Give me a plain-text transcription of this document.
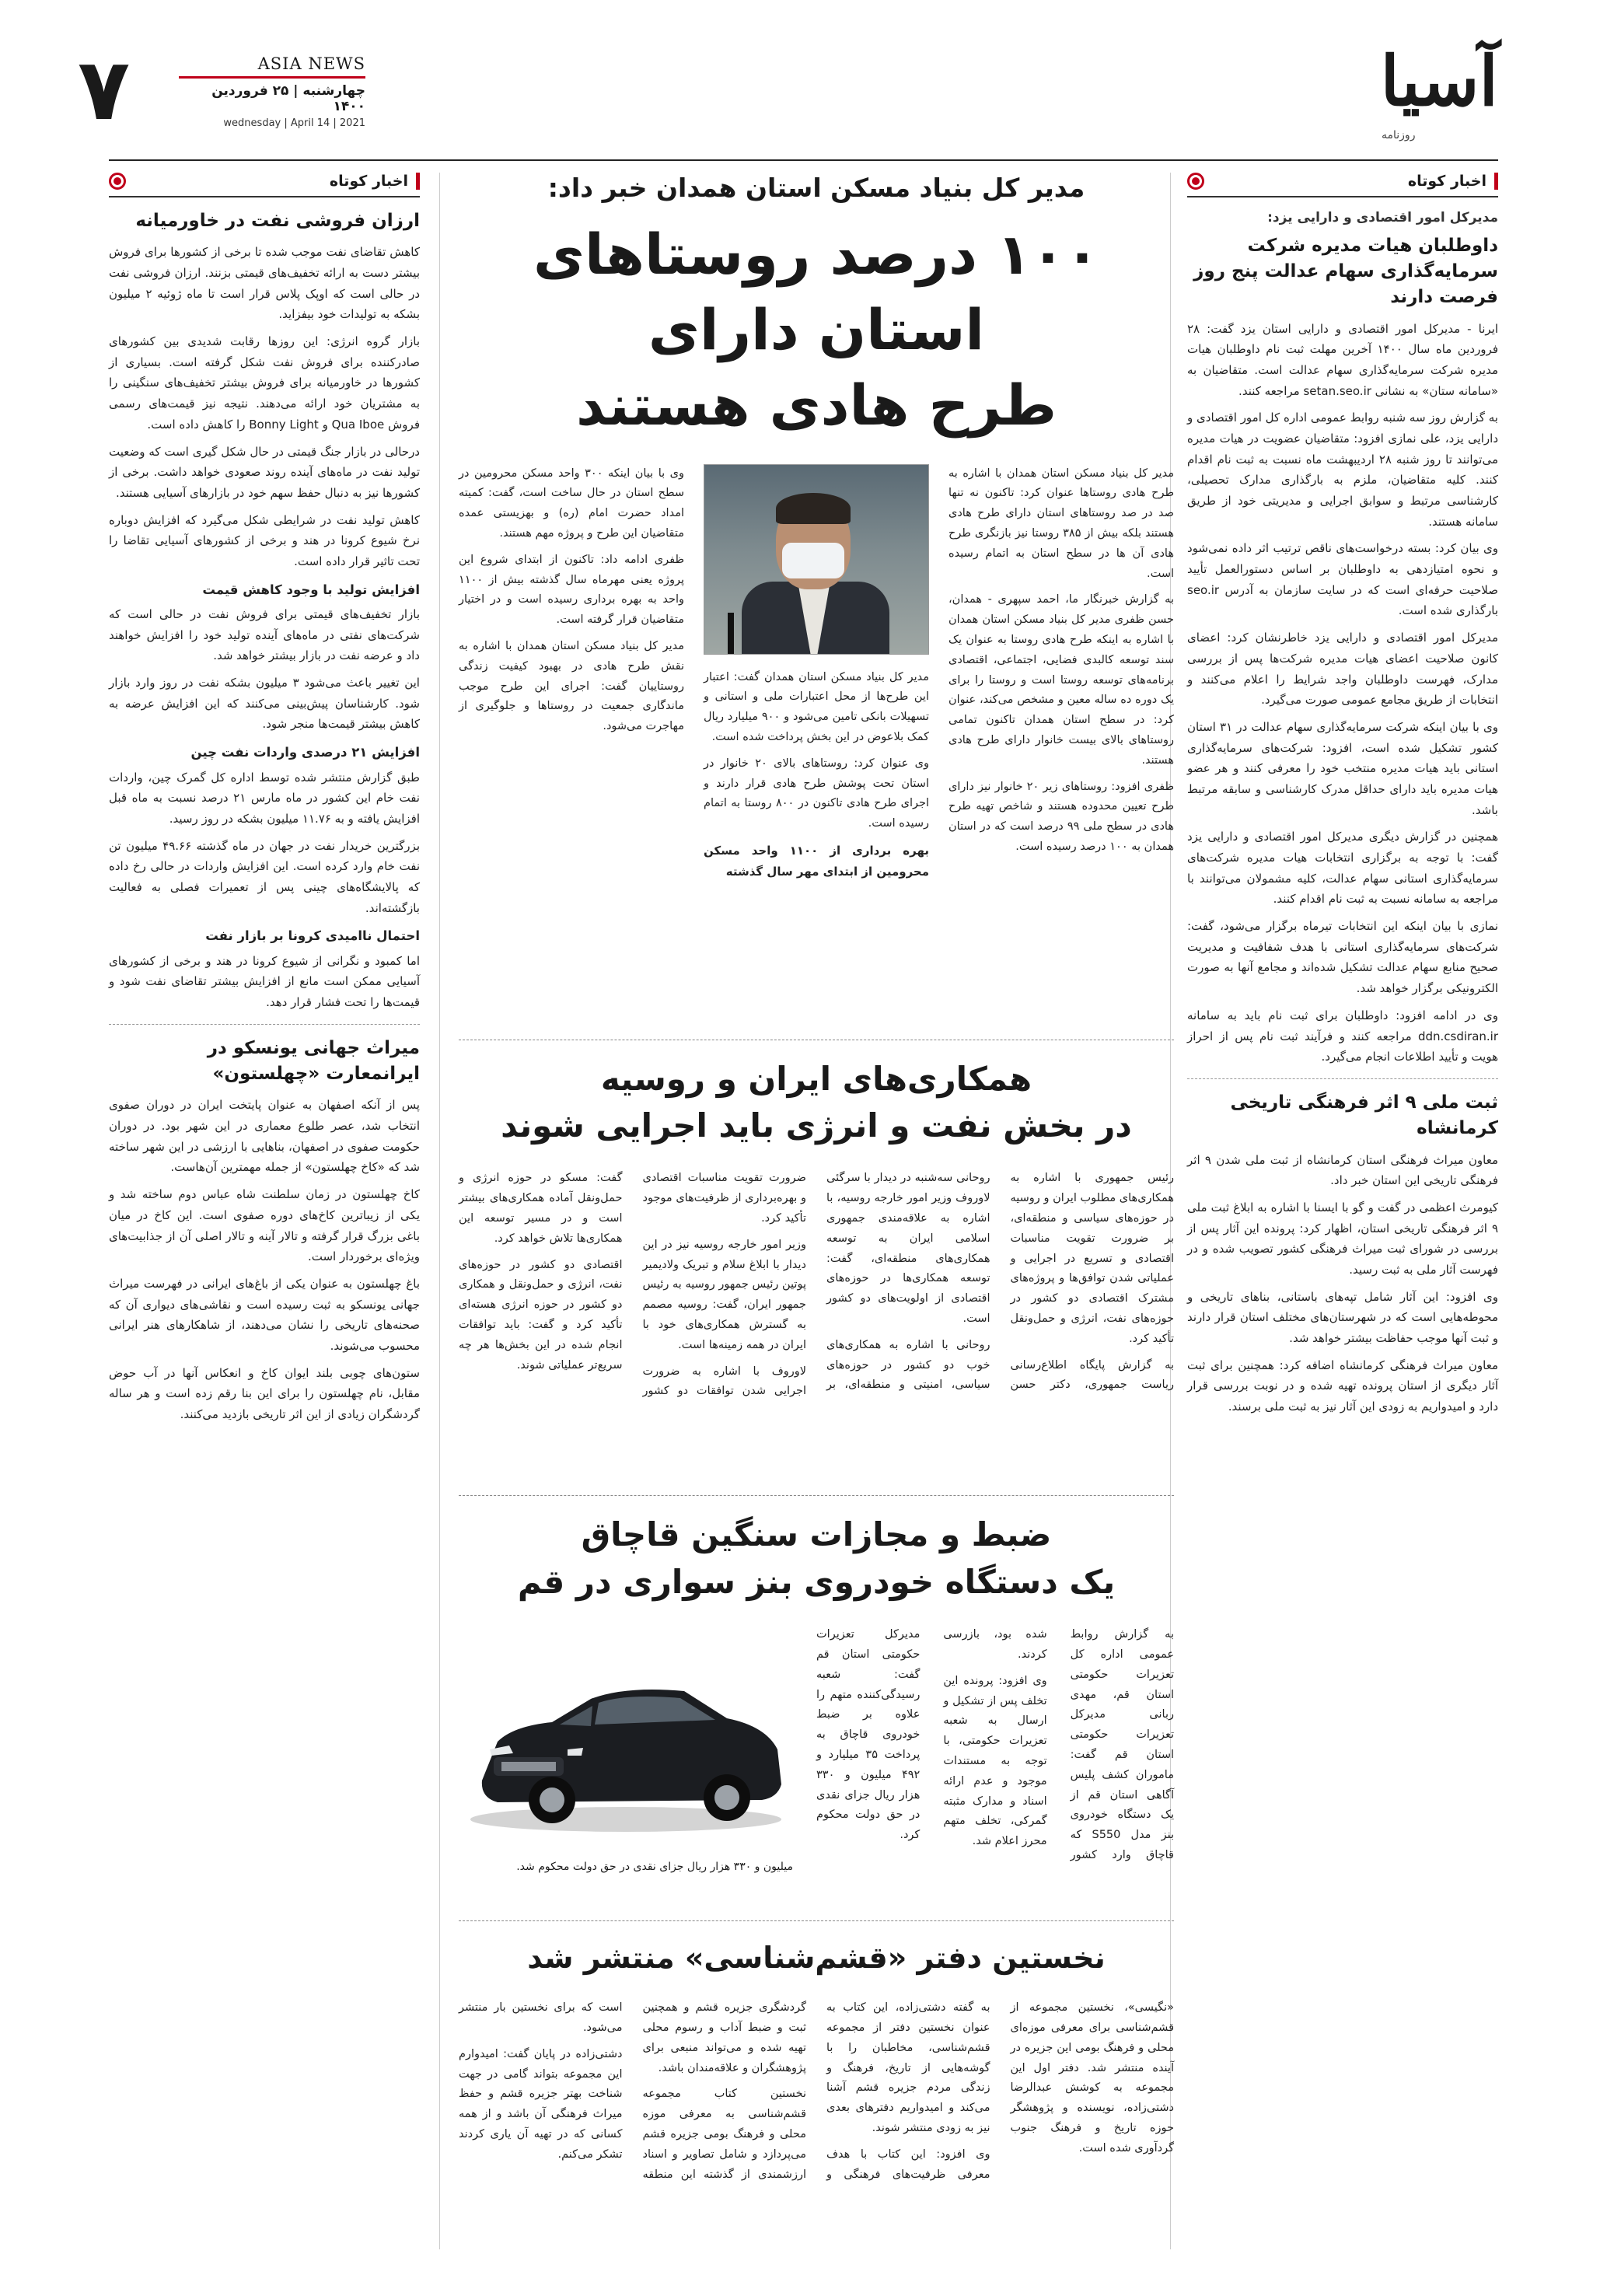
آسیا
روزنامه
۷	ASIA NEWS
چهارشنبه | ۲۵ فروردین ۱۴۰۰
wednesday | April 14 | 2021
اخبار کوتاه
مدیرکل امور اقتصادی و دارایی یزد:
داوطلبان هیات مدیره شرکت سرمایه‌گذاری سهام عدالت پنج روز فرصت دارند

ایرنا - مدیرکل امور اقتصادی و دارایی استان یزد گفت: ۲۸ فروردین ماه سال ۱۴۰۰ آخرین مهلت ثبت نام داوطلبان هیات مدیره شرکت سرمایه‌گذاری سهام عدالت است. متقاضیان به «سامانه ستان» به نشانی setan.seo.ir مراجعه کنند.

به گزارش روز سه شنبه روابط عمومی اداره کل امور اقتصادی و دارایی یزد، علی نمازی افزود: متقاضیان عضویت در هیات مدیره می‌توانند تا روز شنبه ۲۸ اردیبهشت ماه نسبت به ثبت نام اقدام کنند. کلیه متقاضیان، ملزم به بارگذاری مدارک تحصیلی، کارشناسی مرتبط و سوابق اجرایی و مدیریتی خود از طریق سامانه هستند.

وی بیان کرد: بسته درخواست‌های ناقص ترتیب اثر داده نمی‌شود و نحوه امتیازدهی به داوطلبان بر اساس دستورالعمل تأیید صلاحیت حرفه‌ای است که در سایت سازمان به آدرس seo.ir بارگذاری شده است.

مدیرکل امور اقتصادی و دارایی یزد خاطرنشان کرد: اعضای کانون صلاحیت اعضای هیات مدیره شرکت‌ها پس از بررسی مدارک، فهرست داوطلبان واجد شرایط را اعلام می‌کنند و انتخابات از طریق مجامع عمومی صورت می‌گیرد.

وی با بیان اینکه شرکت سرمایه‌گذاری سهام عدالت در ۳۱ استان کشور تشکیل شده است، افزود: شرکت‌های سرمایه‌گذاری استانی باید هیات مدیره منتخب خود را معرفی کنند و هر عضو هیات مدیره باید دارای حداقل مدرک کارشناسی و سابقه مرتبط باشد.

همچنین در گزارش دیگری مدیرکل امور اقتصادی و دارایی یزد گفت: با توجه به برگزاری انتخابات هیات مدیره شرکت‌های سرمایه‌گذاری استانی سهام عدالت، کلیه مشمولان می‌توانند با مراجعه به سامانه نسبت به ثبت نام اقدام کنند.

نمازی با بیان اینکه این انتخابات تیرماه برگزار می‌شود، گفت: شرکت‌های سرمایه‌گذاری استانی با هدف شفافیت و مدیریت صحیح منابع سهام عدالت تشکیل شده‌اند و مجامع آنها به صورت الکترونیکی برگزار خواهد شد.

وی در ادامه افزود: داوطلبان برای ثبت نام باید به سامانه ddn.csdiran.ir مراجعه کنند و فرآیند ثبت نام پس از احراز هویت و تأیید اطلاعات انجام می‌گیرد.

ثبت ملی ۹ اثر فرهنگی تاریخی کرمانشاه

معاون میراث فرهنگی استان کرمانشاه از ثبت ملی شدن ۹ اثر فرهنگی تاریخی این استان خبر داد.

کیومرث اعظمی در گفت و گو با ایسنا با اشاره به ابلاغ ثبت ملی ۹ اثر فرهنگی تاریخی استان، اظهار کرد: پرونده این آثار پس از بررسی در شورای ثبت میراث فرهنگی کشور تصویب شده و در فهرست آثار ملی به ثبت رسید.

وی افزود: این آثار شامل تپه‌های باستانی، بناهای تاریخی و محوطه‌هایی است که در شهرستان‌های مختلف استان قرار دارند و ثبت آنها موجب حفاظت بیشتر خواهد شد.

معاون میراث فرهنگی کرمانشاه اضافه کرد: همچنین برای ثبت آثار دیگری از استان پرونده تهیه شده و در نوبت بررسی قرار دارد و امیدواریم به زودی این آثار نیز به ثبت ملی برسند.

مدیر کل بنیاد مسکن استان همدان خبر داد:
۱۰۰ درصد روستاهای استان دارای
طرح هادی هستند

مدیر کل بنیاد مسکن استان همدان با اشاره به طرح هادی روستاها عنوان کرد: تاکنون نه تنها صد در صد روستاهای استان دارای طرح هادی هستند بلکه بیش از ۳۸۵ روستا نیز بازنگری طرح هادی آن ها در سطح استان به اتمام رسیده است.

به گزارش خبرنگار ما، احمد سپهری - همدان، حسن ظفری مدیر کل بنیاد مسکن استان همدان با اشاره به اینکه طرح هادی روستا به عنوان یک سند توسعه کالبدی فضایی، اجتماعی، اقتصادی برنامه‌های توسعه روستا است و روستا را برای یک دوره ده ساله معین و مشخص می‌کند، عنوان کرد: در سطح استان همدان تاکنون تمامی روستاهای بالای بیست خانوار دارای طرح هادی هستند.

ظفری افزود: روستاهای زیر ۲۰ خانوار نیز دارای طرح تعیین محدوده هستند و شاخص تهیه طرح هادی در سطح ملی ۹۹ درصد است که در استان همدان به ۱۰۰ درصد رسیده است.

مدیر کل بنیاد مسکن استان همدان گفت: اعتبار این طرح‌ها از محل اعتبارات ملی و استانی و تسهیلات بانکی تامین می‌شود و ۹۰۰ میلیارد ریال کمک بلاعوض در این بخش پرداخت شده است.

وی عنوان کرد: روستاهای بالای ۲۰ خانوار در استان تحت پوشش طرح هادی قرار دارند و اجرای طرح هادی تاکنون در ۸۰۰ روستا به اتمام رسیده است.

بهره برداری از ۱۱۰۰ واحد مسکن محرومین از ابتدای مهر سال گذشته

وی با بیان اینکه ۳۰۰ واحد مسکن محرومین در سطح استان در حال ساخت است، گفت: کمیته امداد حضرت امام (ره) و بهزیستی عمده متقاضیان این طرح و پروژه مهم هستند.

ظفری ادامه داد: تاکنون از ابتدای شروع این پروژه یعنی مهرماه سال گذشته بیش از ۱۱۰۰ واحد به بهره برداری رسیده است و در اختیار متقاضیان قرار گرفته است.

مدیر کل بنیاد مسکن استان همدان با اشاره به نقش طرح هادی در بهبود کیفیت زندگی روستاییان گفت: اجرای این طرح موجب ماندگاری جمعیت در روستاها و جلوگیری از مهاجرت می‌شود.

همکاری‌های ایران و روسیه
در بخش نفت و انرژی باید اجرایی شوند

رئیس جمهوری با اشاره به همکاری‌های مطلوب ایران و روسیه در حوزه‌های سیاسی و منطقه‌ای، بر ضرورت تقویت مناسبات اقتصادی و تسریع در اجرایی و عملیاتی شدن توافق‌ها و پروژه‌های مشترک اقتصادی دو کشور در حوزه‌های نفت، انرژی و حمل‌ونقل تأکید کرد.

به گزارش پایگاه اطلاع‌رسانی ریاست جمهوری، دکتر حسن روحانی سه‌شنبه در دیدار با سرگئی لاوروف وزیر امور خارجه روسیه، با اشاره به علاقه‌مندی جمهوری اسلامی ایران به توسعه همکاری‌های منطقه‌ای، گفت: توسعه همکاری‌ها در حوزه‌های اقتصادی از اولویت‌های دو کشور است.

روحانی با اشاره به همکاری‌های خوب دو کشور در حوزه‌های سیاسی، امنیتی و منطقه‌ای، بر ضرورت تقویت مناسبات اقتصادی و بهره‌برداری از ظرفیت‌های موجود تأکید کرد.

وزیر امور خارجه روسیه نیز در این دیدار با ابلاغ سلام و تبریک ولادیمیر پوتین رئیس جمهور روسیه به رئیس جمهور ایران، گفت: روسیه مصمم به گسترش همکاری‌های خود با ایران در همه زمینه‌ها است.

لاوروف با اشاره به ضرورت اجرایی شدن توافقات دو کشور گفت: مسکو در حوزه انرژی و حمل‌ونقل آماده همکاری‌های بیشتر است و در مسیر توسعه این همکاری‌ها تلاش خواهد کرد.

اقتصادی دو کشور در حوزه‌های نفت، انرژی و حمل‌ونقل و همکاری دو کشور در حوزه انرژی هسته‌ای تأکید کرد و گفت: باید توافقات انجام شده در این بخش‌ها هر چه سریع‌تر عملیاتی شوند.

ضبط و مجازات سنگین قاچاق
یک دستگاه خودروی بنز سواری در قم
میلیون و ۳۳۰ هزار ریال جزای نقدی در حق دولت محکوم شد.

به گزارش روابط عمومی اداره کل تعزیرات حکومتی استان قم، مهدی ربانی مدیرکل تعزیرات حکومتی استان قم گفت: ماموران کشف پلیس آگاهی استان قم از یک دستگاه خودروی بنز مدل S550 که قاچاق وارد کشور شده بود، بازرسی کردند.

وی افزود: پرونده این تخلف پس از تشکیل و ارسال به شعبه تعزیرات حکومتی، با توجه به مستندات موجود و عدم ارائه اسناد و مدارک مثبته گمرکی، تخلف متهم محرز اعلام شد.

مدیرکل تعزیرات حکومتی استان قم گفت: شعبه رسیدگی‌کننده متهم را علاوه بر ضبط خودروی قاچاق به پرداخت ۳۵ میلیارد و ۴۹۲ میلیون و ۳۳۰ هزار ریال جزای نقدی در حق دولت محکوم کرد.

نخستین دفتر «قشم‌شناسی» منتشر شد

«نگیسی»، نخستین مجموعه از قشم‌شناسی برای معرفی موزه‌ای محلی و فرهنگ بومی این جزیره در آینده منتشر شد. دفتر اول این مجموعه به کوشش عبدالرضا دشتی‌زاده، نویسنده و پژوهشگر حوزه تاریخ و فرهنگ جنوب گردآوری شده است.

به گفته دشتی‌زاده، این کتاب به عنوان نخستین دفتر از مجموعه قشم‌شناسی، مخاطبان را با گوشه‌هایی از تاریخ، فرهنگ و زندگی مردم جزیره قشم آشنا می‌کند و امیدواریم دفترهای بعدی نیز به زودی منتشر شوند.

وی افزود: این کتاب با هدف معرفی ظرفیت‌های فرهنگی و گردشگری جزیره قشم و همچنین ثبت و ضبط آداب و رسوم محلی تهیه شده و می‌تواند منبعی برای پژوهشگران و علاقه‌مندان باشد.

نخستین کتاب مجموعه قشم‌شناسی به معرفی موزه محلی و فرهنگ بومی جزیره قشم می‌پردازد و شامل تصاویر و اسناد ارزشمندی از گذشته این منطقه است که برای نخستین بار منتشر می‌شود.

دشتی‌زاده در پایان گفت: امیدوارم این مجموعه بتواند گامی در جهت شناخت بهتر جزیره قشم و حفظ میراث فرهنگی آن باشد و از همه کسانی که در تهیه آن یاری کردند تشکر می‌کنم.

اخبار کوتاه
ارزان فروشی نفت در خاورمیانه

کاهش تقاضای نفت موجب شده تا برخی از کشورها برای فروش بیشتر دست به ارائه تخفیف‌های قیمتی بزنند. ارزان فروشی نفت در حالی است که اوپک پلاس قرار است تا ماه ژوئیه ۲ میلیون بشکه به تولیدات خود بیفزاید.

بازار گروه انرژی: این روزها رقابت شدیدی بین کشورهای صادرکننده برای فروش نفت شکل گرفته است. بسیاری از کشورها در خاورمیانه برای فروش بیشتر تخفیف‌های سنگینی را به مشتریان خود ارائه می‌دهند. نتیجه نیز قیمت‌های رسمی فروش Qua Iboe و Bonny Light را کاهش داده است.

درحالی در بازار جنگ قیمتی در حال شکل گیری است که وضعیت تولید نفت در ماه‌های آینده روند صعودی خواهد داشت. برخی از کشورها نیز به دنبال حفظ سهم خود در بازارهای آسیایی هستند.

کاهش تولید نفت در شرایطی شکل می‌گیرد که افزایش دوباره نرخ شیوع کرونا در هند و برخی از کشورهای آسیایی تقاضا را تحت تاثیر قرار داده است.

افزایش تولید با وجود کاهش قیمت

بازار تخفیف‌های قیمتی برای فروش نفت در حالی است که شرکت‌های نفتی در ماه‌های آینده تولید خود را افزایش خواهند داد و عرضه نفت در بازار بیشتر خواهد شد.

این تغییر باعث می‌شود ۳ میلیون بشکه نفت در روز وارد بازار شود. کارشناسان پیش‌بینی می‌کنند که این افزایش عرضه به کاهش بیشتر قیمت‌ها منجر شود.

افزایش ۲۱ درصدی واردات نفت چین

طبق گزارش منتشر شده توسط اداره کل گمرک چین، واردات نفت خام این کشور در ماه مارس ۲۱ درصد نسبت به ماه قبل افزایش یافته و به ۱۱.۷۶ میلیون بشکه در روز رسید.

بزرگترین خریدار نفت در جهان در ماه گذشته ۴۹.۶۶ میلیون تن نفت خام وارد کرده است. این افزایش واردات در حالی رخ داده که پالایشگاه‌های چینی پس از تعمیرات فصلی به فعالیت بازگشته‌اند.

احتمال ناامیدی کرونا بر بازار نفت

اما کمبود و نگرانی از شیوع کرونا در هند و برخی از کشورهای آسیایی ممکن است مانع از افزایش بیشتر تقاضای نفت شود و قیمت‌ها را تحت فشار قرار دهد.

میراث جهانی یونسکو در ایرانمعارت «چهلستون»

پس از آنکه اصفهان به عنوان پایتخت ایران در دوران صفوی انتخاب شد، عصر طلوع معماری در این شهر بود. در دوران حکومت صفوی در اصفهان، بناهایی با ارزشی در این شهر ساخته شد که «کاخ چهلستون» از جمله مهمترین آن‌هاست.

کاخ چهلستون در زمان سلطنت شاه عباس دوم ساخته شد و یکی از زیباترین کاخ‌های دوره صفوی است. این کاخ در میان باغی بزرگ قرار گرفته و تالار آینه و تالار اصلی آن از جذابیت‌های ویژه‌ای برخوردار است.

باغ چهلستون به عنوان یکی از باغ‌های ایرانی در فهرست میراث جهانی یونسکو به ثبت رسیده است و نقاشی‌های دیواری آن که صحنه‌های تاریخی را نشان می‌دهند، از شاهکارهای هنر ایرانی محسوب می‌شوند.

ستون‌های چوبی بلند ایوان کاخ و انعکاس آنها در آب حوض مقابل، نام چهلستون را برای این بنا رقم زده است و هر ساله گردشگران زیادی از این اثر تاریخی بازدید می‌کنند.
